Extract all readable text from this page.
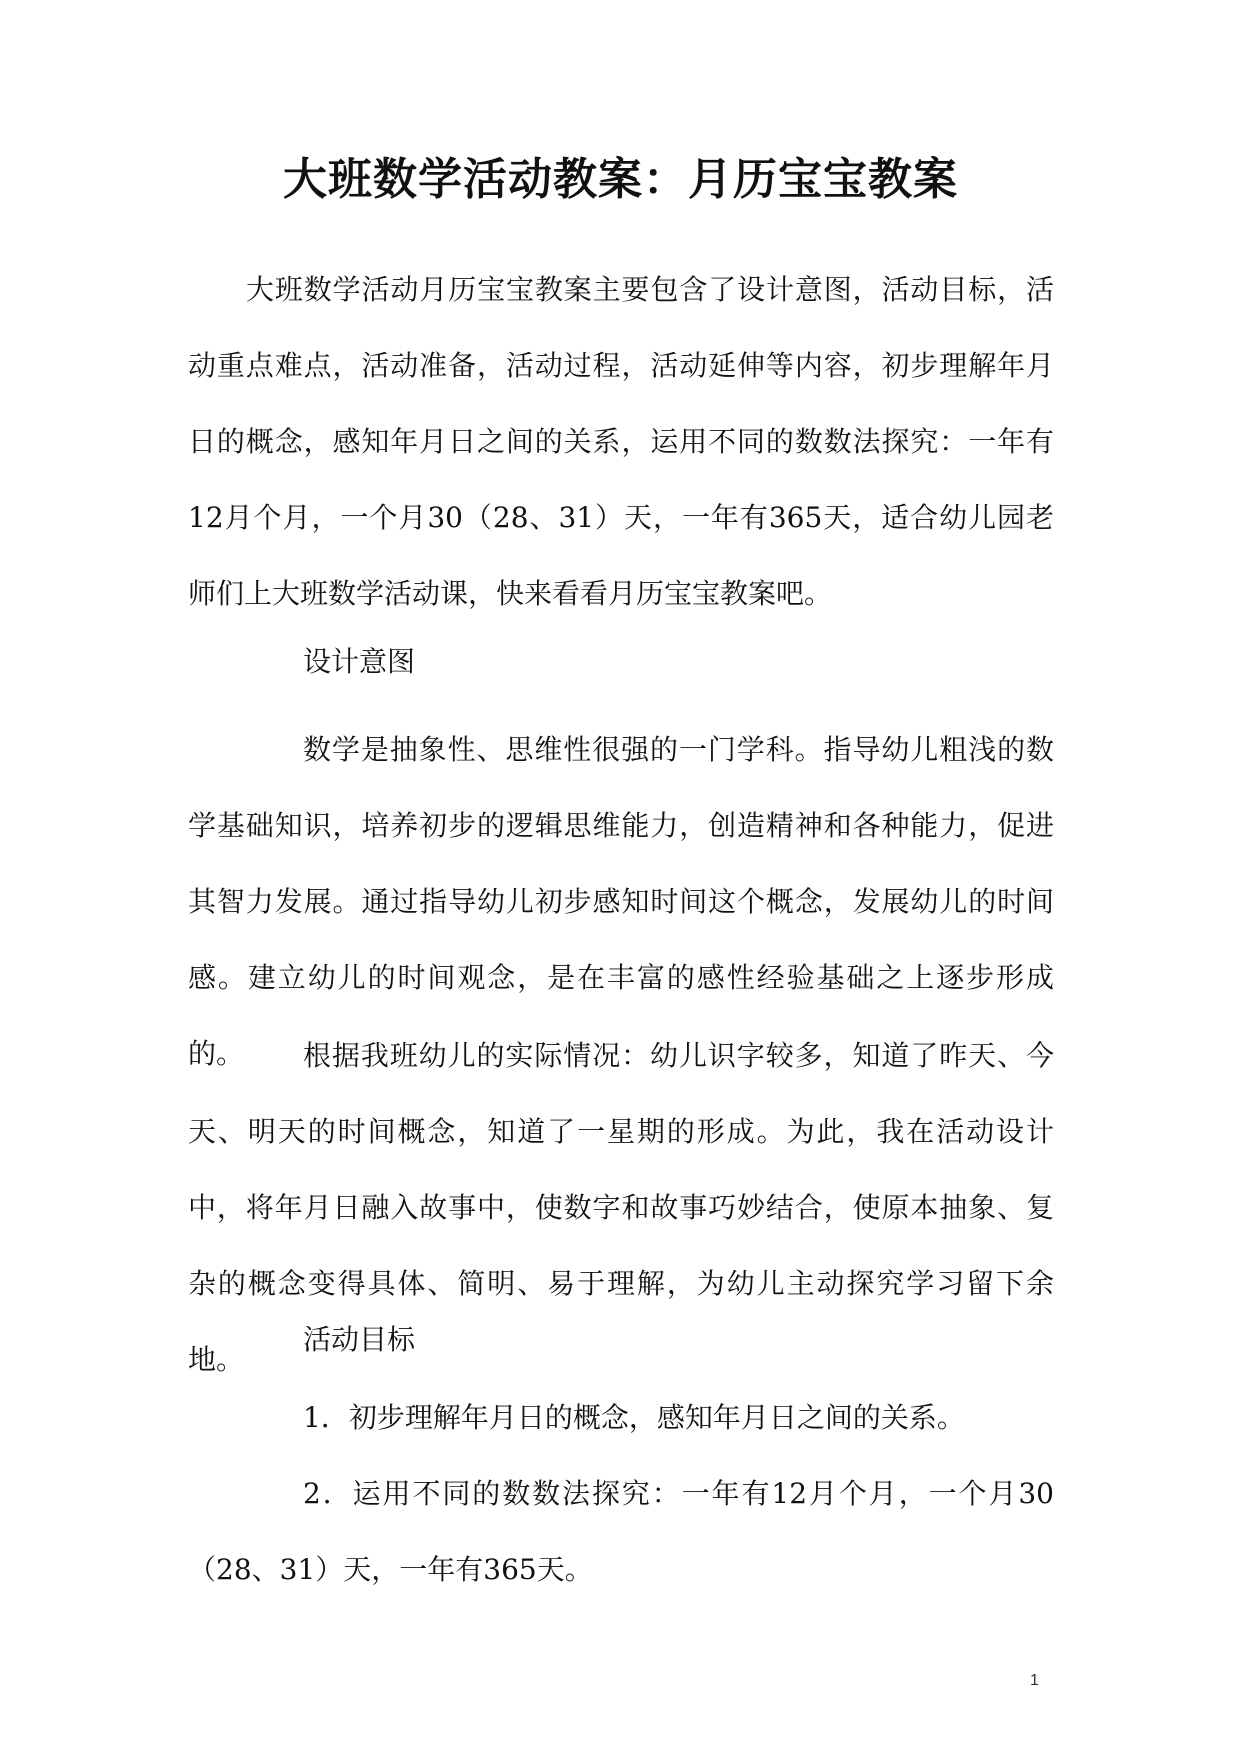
大班数学活动教案：月历宝宝教案
大班数学活动月历宝宝教案主要包含了设计意图，活动目标，活动重点难点，活动准备，活动过程，活动延伸等内容，初步理解年月日的概念，感知年月日之间的关系，运用不同的数数法探究：一年有12月个月，一个月30（28、31）天，一年有365天，适合幼儿园老师们上大班数学活动课，快来看看月历宝宝教案吧。
设计意图
数学是抽象性、思维性很强的一门学科。指导幼儿粗浅的数学基础知识，培养初步的逻辑思维能力，创造精神和各种能力，促进其智力发展。通过指导幼儿初步感知时间这个概念，发展幼儿的时间感。建立幼儿的时间观念，是在丰富的感性经验基础之上逐步形成的。	根据我班幼儿的实际情况：幼儿识字较多，知道了昨天、今天、明天的时间概念，知道了一星期的形成。为此，我在活动设计中，将年月日融入故事中，使数字和故事巧妙结合，使原本抽象、复杂的概念变得具体、简明、易于理解，为幼儿主动探究学习留下余地。
活动目标
1．初步理解年月日的概念，感知年月日之间的关系。
2．运用不同的数数法探究：一年有12月个月，一个月30（28、31）天，一年有365天。
1
